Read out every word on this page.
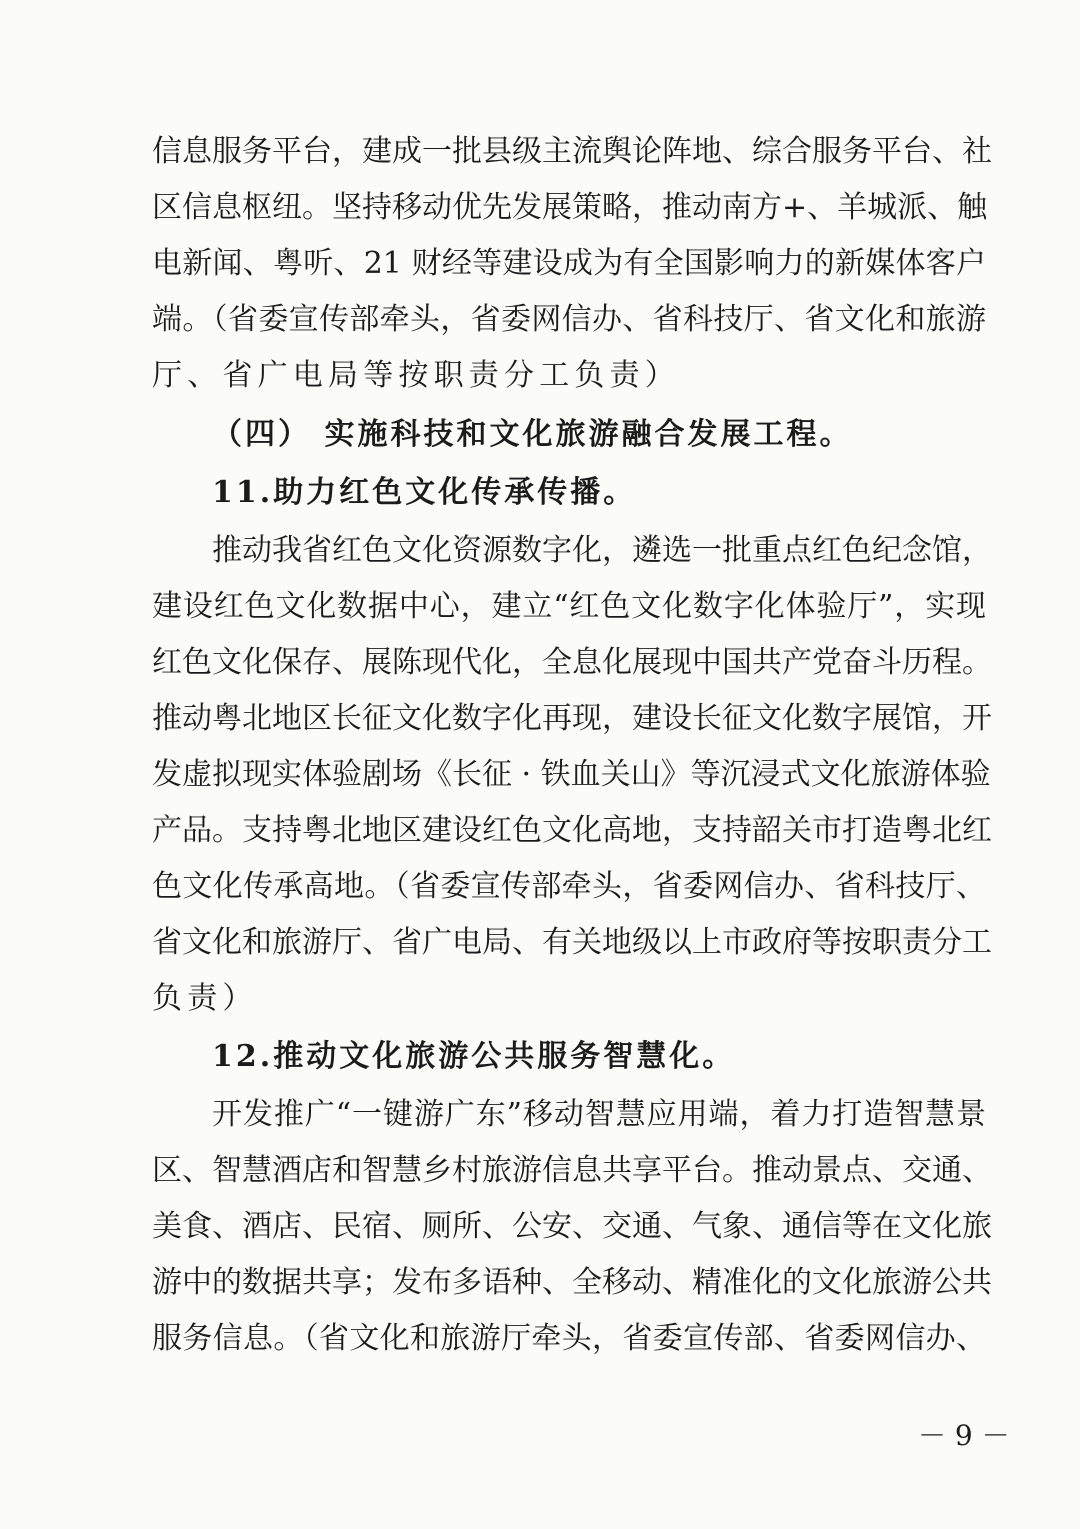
信息服务平台，建成一批县级主流舆论阵地、综合服务平台、社
区信息枢纽。坚持移动优先发展策略，推动南方+、羊城派、触
电新闻、粤听、21 财经等建设成为有全国影响力的新媒体客户
端。（省委宣传部牵头，省委网信办、省科技厅、省文化和旅游
厅、省广电局等按职责分工负责）
（四） 实施科技和文化旅游融合发展工程。
11.助力红色文化传承传播。
推动我省红色文化资源数字化，遴选一批重点红色纪念馆，
建设红色文化数据中心，建立“红色文化数字化体验厅”，实现
红色文化保存、展陈现代化，全息化展现中国共产党奋斗历程。
推动粤北地区长征文化数字化再现，建设长征文化数字展馆，开
发虚拟现实体验剧场《长征 · 铁血关山》等沉浸式文化旅游体验
产品。支持粤北地区建设红色文化高地，支持韶关市打造粤北红
色文化传承高地。（省委宣传部牵头，省委网信办、省科技厅、
省文化和旅游厅、省广电局、有关地级以上市政府等按职责分工
负责）
12.推动文化旅游公共服务智慧化。
开发推广“一键游广东”移动智慧应用端，着力打造智慧景
区、智慧酒店和智慧乡村旅游信息共享平台。推动景点、交通、
美食、酒店、民宿、厕所、公安、交通、气象、通信等在文化旅
游中的数据共享；发布多语种、全移动、精准化的文化旅游公共
服务信息。（省文化和旅游厅牵头，省委宣传部、省委网信办、
－ 9 －
